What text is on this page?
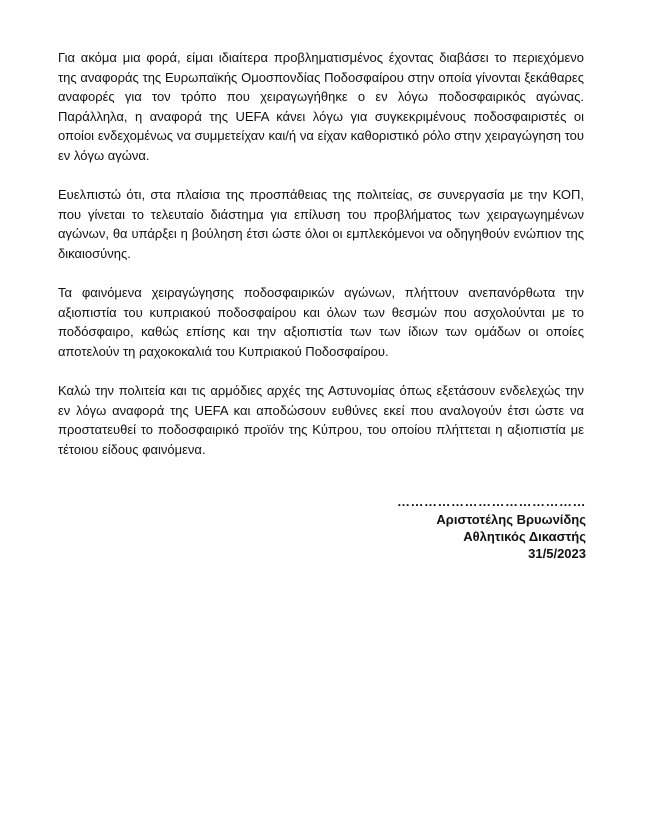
Για ακόμα μια φορά, είμαι ιδιαίτερα προβληματισμένος έχοντας διαβάσει το περιεχόμενο της αναφοράς της Ευρωπαϊκής Ομοσπονδίας Ποδοσφαίρου στην οποία γίνονται ξεκάθαρες αναφορές για τον τρόπο που χειραγωγήθηκε ο εν λόγω ποδοσφαιρικός αγώνας. Παράλληλα, η αναφορά της UEFA κάνει λόγω για συγκεκριμένους ποδοσφαιριστές οι οποίοι ενδεχομένως να συμμετείχαν και/ή να είχαν καθοριστικό ρόλο στην χειραγώγηση του εν λόγω αγώνα.

Ευελπιστώ ότι, στα πλαίσια της προσπάθειας της πολιτείας, σε συνεργασία με την ΚΟΠ, που γίνεται το τελευταίο διάστημα για επίλυση του προβλήματος των χειραγωγημένων αγώνων, θα υπάρξει η βούληση έτσι ώστε όλοι οι εμπλεκόμενοι να οδηγηθούν ενώπιον της δικαιοσύνης.

Τα φαινόμενα χειραγώγησης ποδοσφαιρικών αγώνων, πλήττουν ανεπανόρθωτα την αξιοπιστία του κυπριακού ποδοσφαίρου και όλων των θεσμών που ασχολούνται με το ποδόσφαιρο, καθώς επίσης και την αξιοπιστία των των ίδιων των ομάδων οι οποίες αποτελούν τη ραχοκοκαλιά του Κυπριακού Ποδοσφαίρου.

Καλώ την πολιτεία και τις αρμόδιες αρχές της Αστυνομίας όπως εξετάσουν ενδελεχώς την εν λόγω αναφορά της UEFA και αποδώσουν ευθύνες εκεί που αναλογούν έτσι ώστε να προστατευθεί το ποδοσφαιρικό προϊόν της Κύπρου, του οποίου πλήττεται η αξιοπιστία με τέτοιου είδους φαινόμενα.

……………………………………
Αριστοτέλης Βρυωνίδης
Αθλητικός Δικαστής
31/5/2023
